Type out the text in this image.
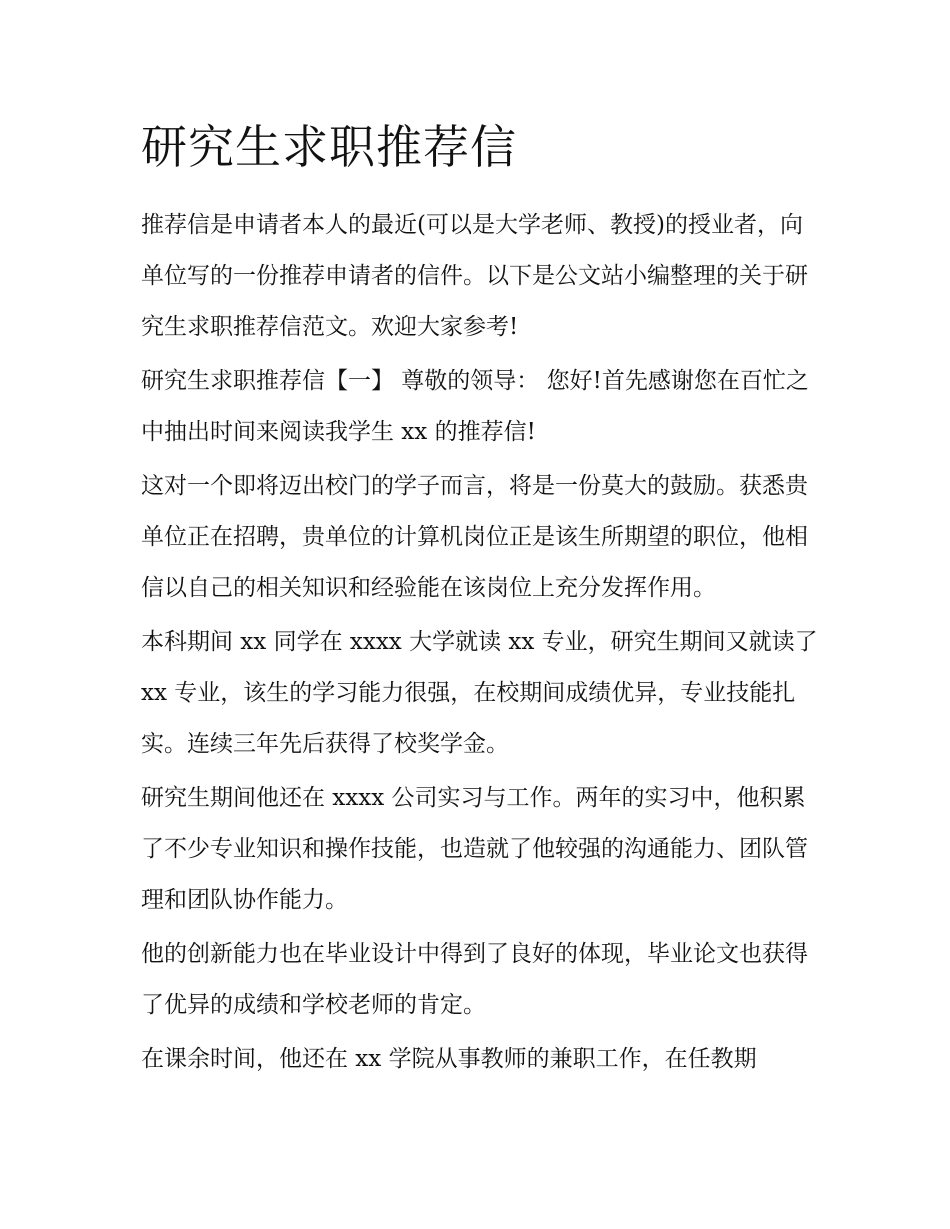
研究生求职推荐信

推荐信是申请者本人的最近(可以是大学老师、教授)的授业者，向单位写的一份推荐申请者的信件。以下是公文站小编整理的关于研究生求职推荐信范文。欢迎大家参考!

研究生求职推荐信【一】 尊敬的领导： 您好!首先感谢您在百忙之中抽出时间来阅读我学生 xx 的推荐信!

这对一个即将迈出校门的学子而言，将是一份莫大的鼓励。获悉贵单位正在招聘，贵单位的计算机岗位正是该生所期望的职位，他相信以自己的相关知识和经验能在该岗位上充分发挥作用。

本科期间 xx 同学在 xxxx 大学就读 xx 专业，研究生期间又就读了 xx 专业，该生的学习能力很强，在校期间成绩优异，专业技能扎实。连续三年先后获得了校奖学金。

研究生期间他还在 xxxx 公司实习与工作。两年的实习中，他积累了不少专业知识和操作技能，也造就了他较强的沟通能力、团队管理和团队协作能力。

他的创新能力也在毕业设计中得到了良好的体现，毕业论文也获得了优异的成绩和学校老师的肯定。

在课余时间，他还在 xx 学院从事教师的兼职工作，在任教期
